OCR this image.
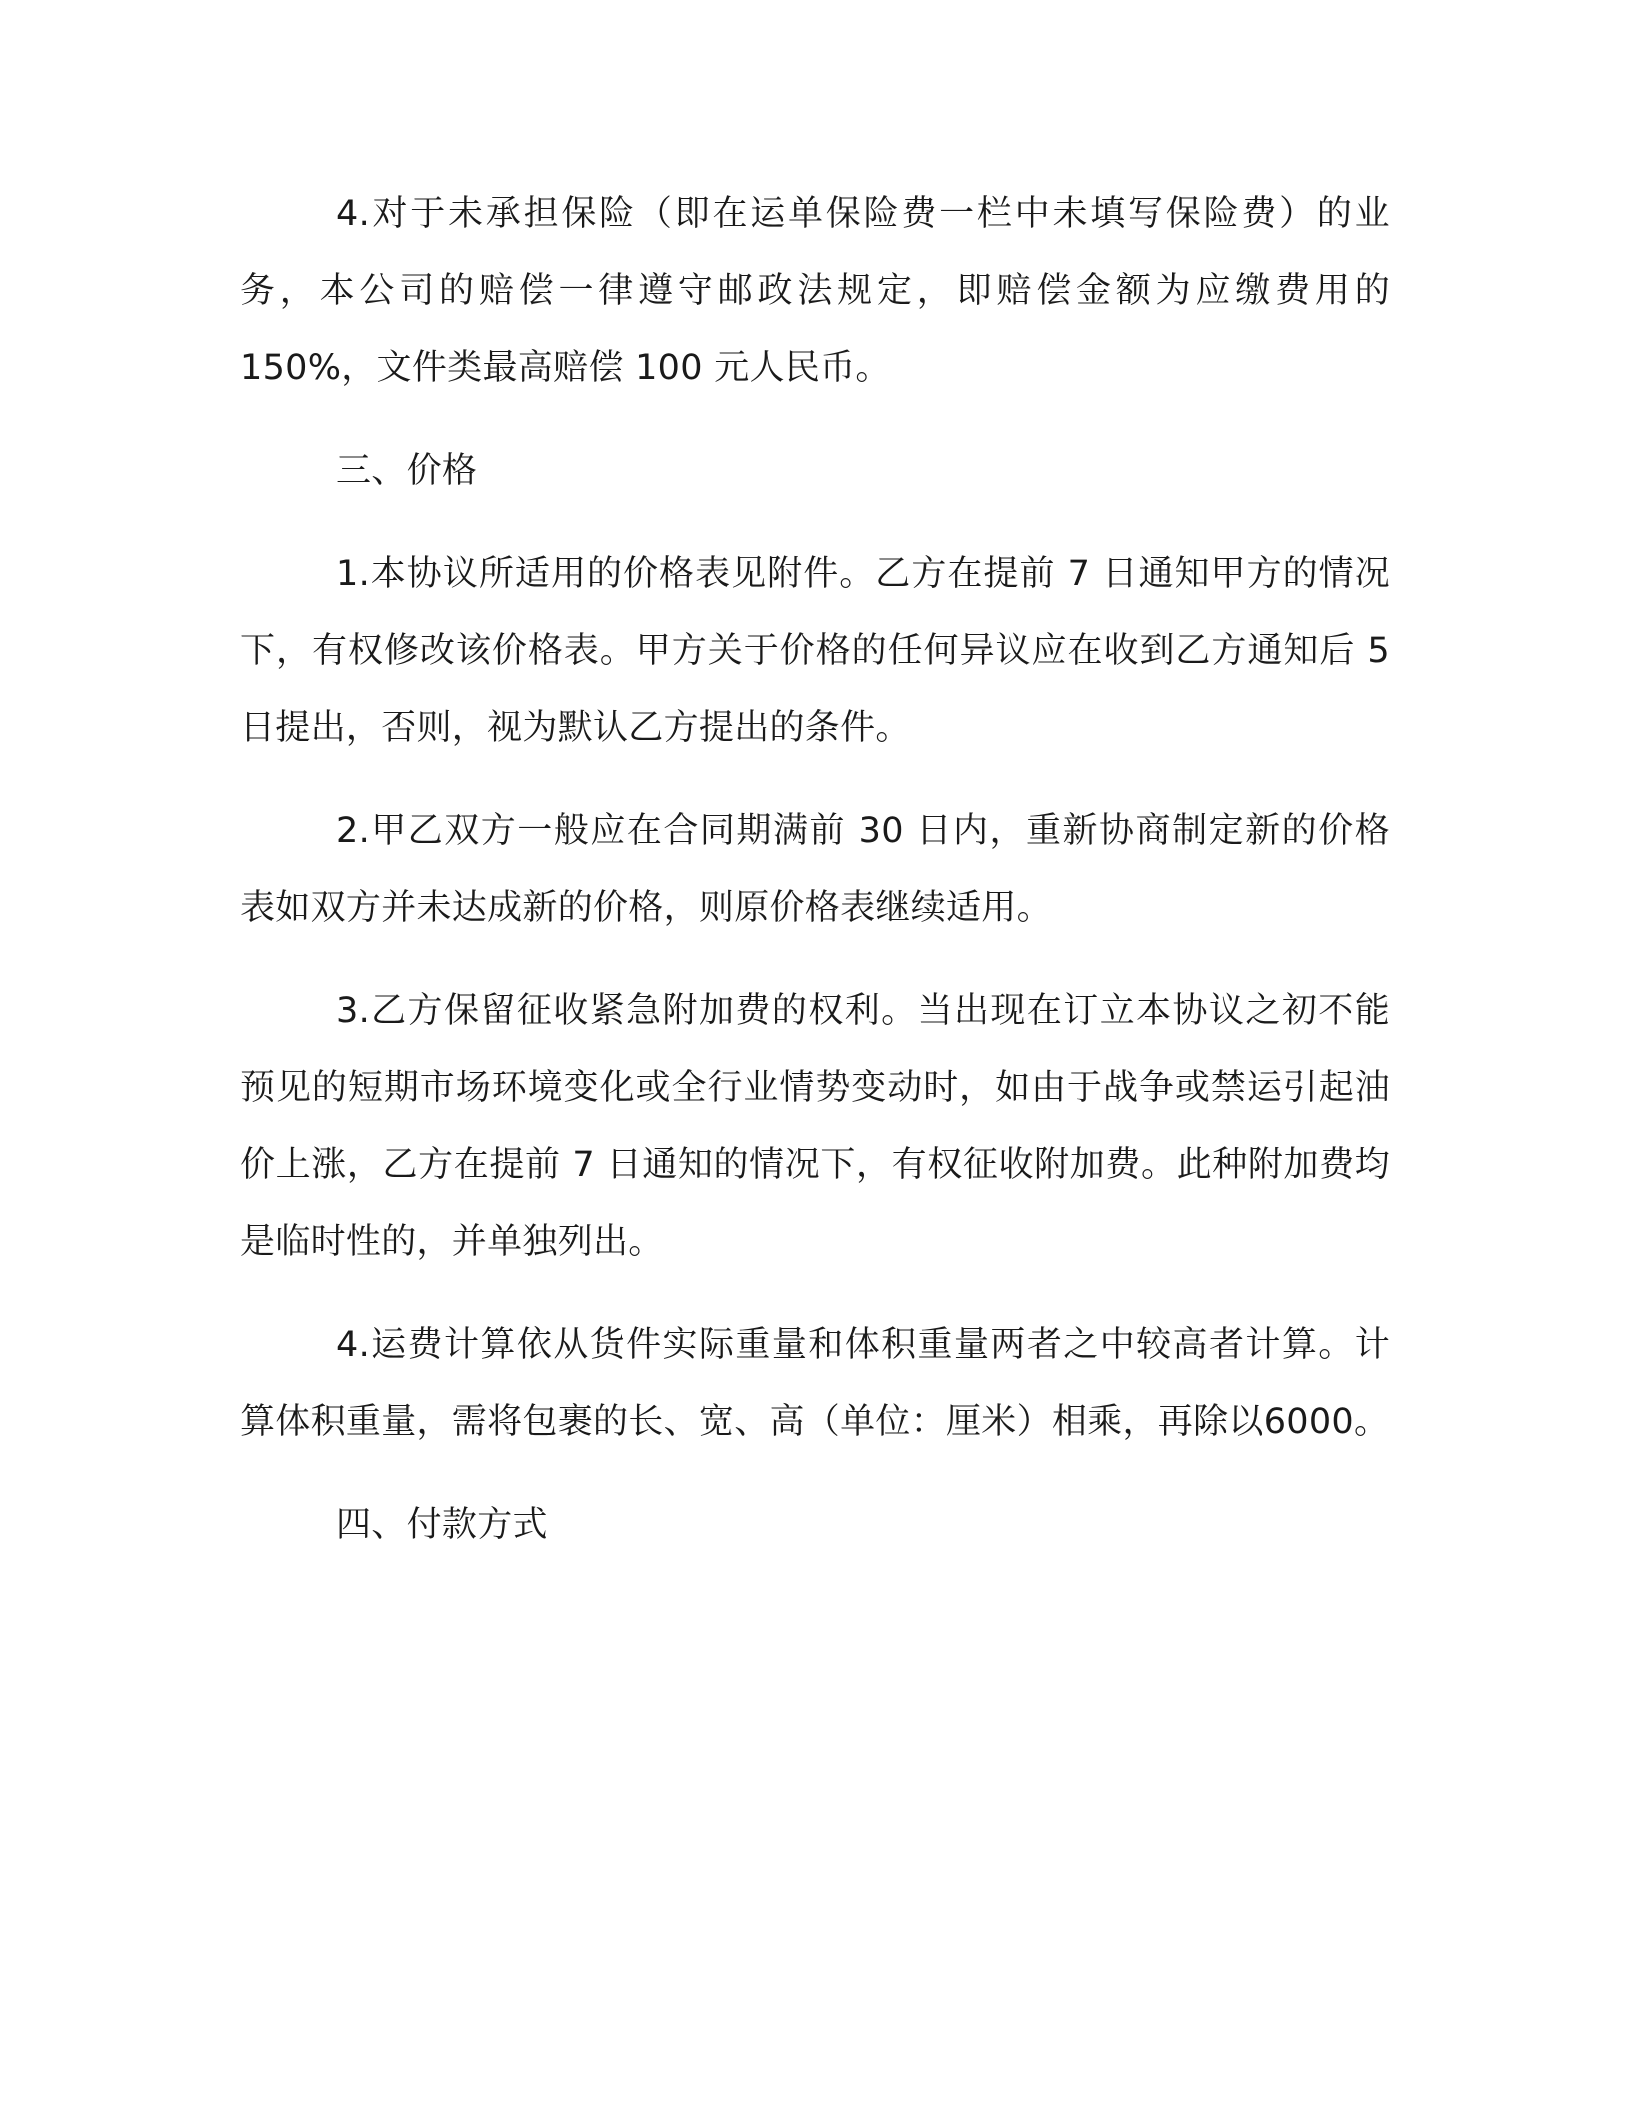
4.对于未承担保险（即在运单保险费一栏中未填写保险费）的业务，本公司的赔偿一律遵守邮政法规定，即赔偿金额为应缴费用的150%，文件类最高赔偿 100 元人民币。

三、价格

1.本协议所适用的价格表见附件。乙方在提前 7 日通知甲方的情况下，有权修改该价格表。甲方关于价格的任何异议应在收到乙方通知后 5 日提出，否则，视为默认乙方提出的条件。

2.甲乙双方一般应在合同期满前 30 日内，重新协商制定新的价格表如双方并未达成新的价格，则原价格表继续适用。

3.乙方保留征收紧急附加费的权利。当出现在订立本协议之初不能预见的短期市场环境变化或全行业情势变动时，如由于战争或禁运引起油价上涨，乙方在提前 7 日通知的情况下，有权征收附加费。此种附加费均是临时性的，并单独列出。

4.运费计算依从货件实际重量和体积重量两者之中较高者计算。计算体积重量，需将包裹的长、宽、高（单位：厘米）相乘，再除以6000。

四、付款方式
